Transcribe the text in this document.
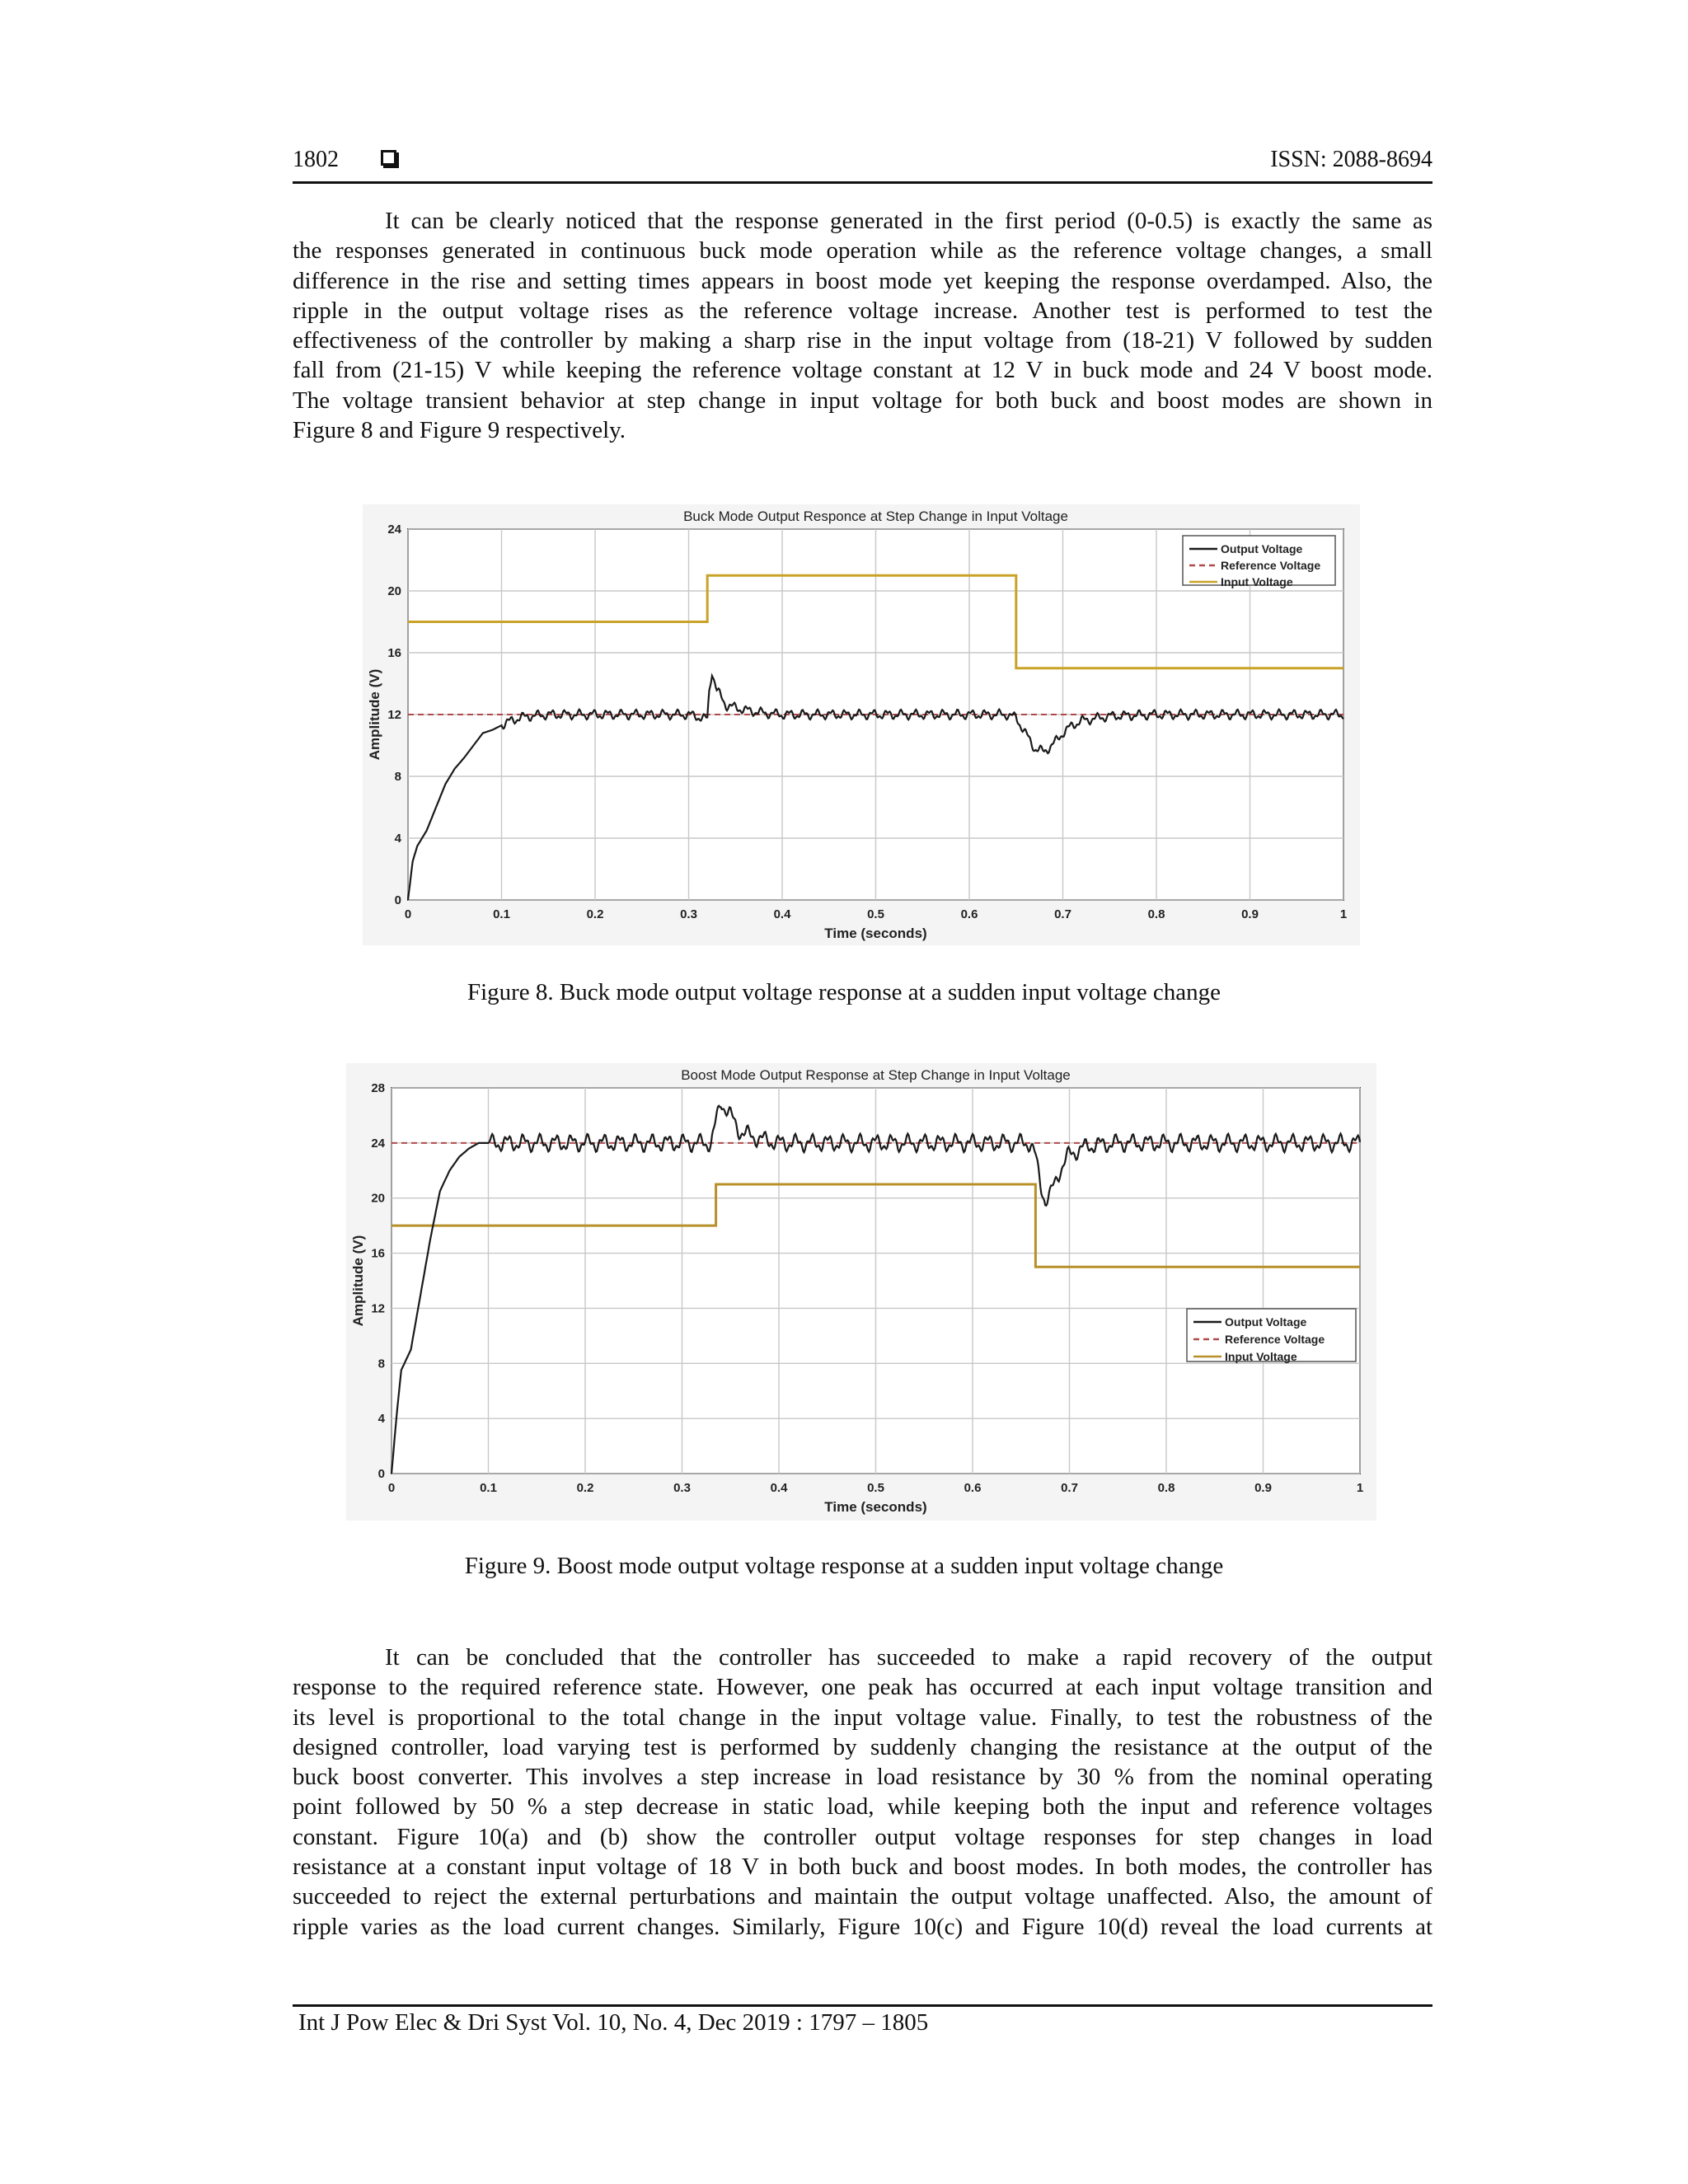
1802	ISSN: 2088-8694
It can be clearly noticed that the response generated in the first period (0-0.5) is exactly the same as
the responses generated in continuous buck mode operation while as the reference voltage changes, a small
difference in the rise and setting times appears in boost mode yet keeping the response overdamped. Also, the
ripple in the output voltage rises as the reference voltage increase. Another test is performed to test the
effectiveness of the controller by making a sharp rise in the input voltage from (18-21) V followed by sudden
fall from (21-15) V while keeping the reference voltage constant at 12 V in buck mode and 24 V boost mode.
The voltage transient behavior at step change in input voltage for both buck and boost modes are shown in
Figure 8 and Figure 9 respectively.
0	0.1	0.2	0.3	0.4	0.5	0.6	0.7	0.8	0.9	1
0
4
8
12
16
20
24
Buck Mode Output Responce at Step Change in Input Voltage
Time (seconds)
Amplitude (V)
Output Voltage
Reference Voltage
Input Voltage
Figure 8. Buck mode output voltage response at a sudden input voltage change
0	0.1	0.2	0.3	0.4	0.5	0.6	0.7	0.8	0.9	1
0
4
8
12
16
20
24
28
Boost Mode Output Response at Step Change in Input Voltage
Time (seconds)
Amplitude (V)	Output Voltage
Reference Voltage
Input Voltage
Figure 9. Boost mode output voltage response at a sudden input voltage change
It can be concluded that the controller has succeeded to make a rapid recovery of the output
response to the required reference state. However, one peak has occurred at each input voltage transition and
its level is proportional to the total change in the input voltage value. Finally, to test the robustness of the
designed controller, load varying test is performed by suddenly changing the resistance at the output of the
buck boost converter. This involves a step increase in load resistance by 30 % from the nominal operating
point followed by 50 % a step decrease in static load, while keeping both the input and reference voltages
constant. Figure 10(a) and (b) show the controller output voltage responses for step changes in load
resistance at a constant input voltage of 18 V in both buck and boost modes. In both modes, the controller has
succeeded to reject the external perturbations and maintain the output voltage unaffected. Also, the amount of
ripple varies as the load current changes. Similarly, Figure 10(c) and Figure 10(d) reveal the load currents at
Int J Pow Elec & Dri Syst Vol. 10, No. 4, Dec 2019 : 1797 – 1805
